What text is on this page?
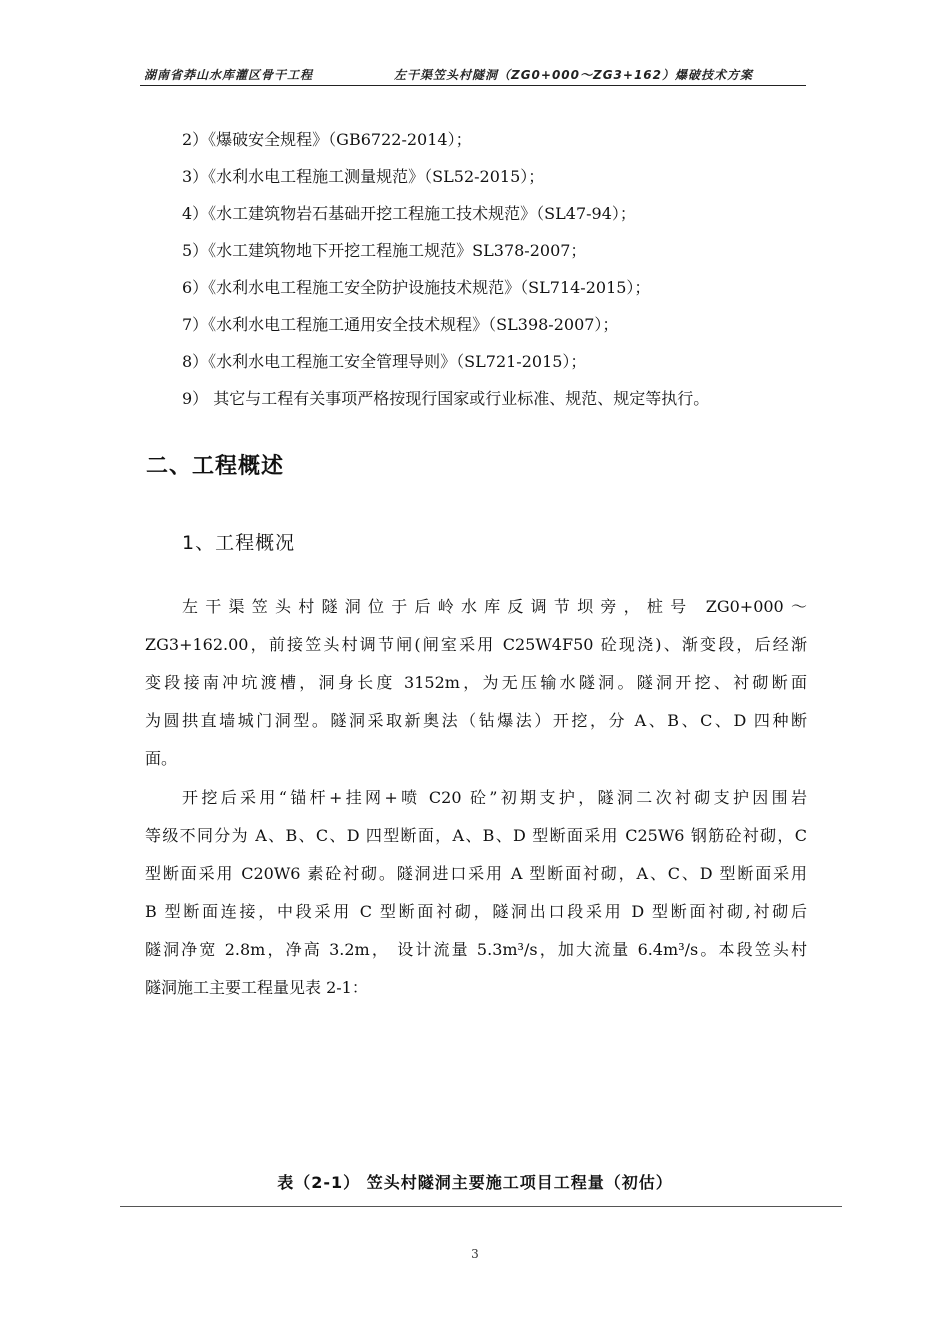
湖南省莽山水库灌区骨干工程	左干渠笠头村隧洞（ZG0+000～ZG3+162）爆破技术方案
2）《爆破安全规程》（GB6722-2014）；
3）《水利水电工程施工测量规范》（SL52-2015）；
4）《水工建筑物岩石基础开挖工程施工技术规范》（SL47-94）；
5）《水工建筑物地下开挖工程施工规范》SL378-2007；
6）《水利水电工程施工安全防护设施技术规范》（SL714-2015）；
7）《水利水电工程施工通用安全技术规程》（SL398-2007）；
8）《水利水电工程施工安全管理导则》（SL721-2015）；
9） 其它与工程有关事项严格按现行国家或行业标准、规范、规定等执行。
二、工程概述
1、工程概况
左干渠笠头村隧洞位于后岭水库反调节坝旁，桩号 ZG0+000～
ZG3+162.00，前接笠头村调节闸(闸室采用 C25W4F50 砼现浇)、渐变段，后经渐
变段接南冲坑渡槽，洞身长度 3152m，为无压输水隧洞。隧洞开挖、衬砌断面
为圆拱直墙城门洞型。隧洞采取新奥法（钻爆法）开挖，分 A、B、C、D 四种断
面。
开挖后采用“锚杆+挂网+喷 C20 砼”初期支护，隧洞二次衬砌支护因围岩
等级不同分为 A、B、C、D 四型断面，A、B、D 型断面采用 C25W6 钢筋砼衬砌，C
型断面采用 C20W6 素砼衬砌。隧洞进口采用 A 型断面衬砌，A、C、D 型断面采用
B 型断面连接，中段采用 C 型断面衬砌，隧洞出口段采用 D 型断面衬砌,衬砌后
隧洞净宽 2.8m，净高 3.2m， 设计流量 5.3m³/s，加大流量 6.4m³/s。本段笠头村
隧洞施工主要工程量见表 2-1：
表（2-1） 笠头村隧洞主要施工项目工程量（初估）
3
